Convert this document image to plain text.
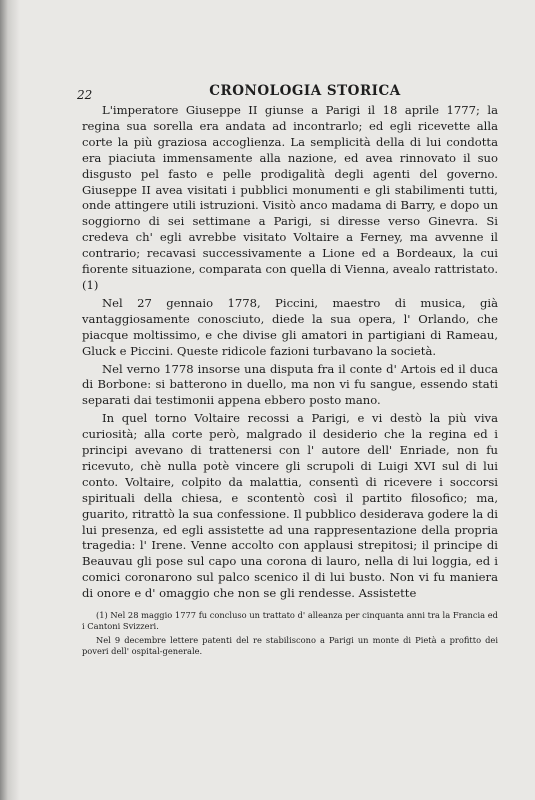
22	CRONOLOGIA STORICA

L'imperatore Giuseppe II giunse a Parigi il 18 aprile 1777; la regina sua sorella era andata ad incontrarlo; ed egli ricevette alla corte la più graziosa accoglienza. La semplicità della di lui condotta era piaciuta immensamente alla nazione, ed avea rinnovato il suo disgusto pel fasto e pelle prodigalità degli agenti del governo. Giuseppe II avea visitati i pubblici monumenti e gli stabilimenti tutti, onde attingere utili istruzioni. Visitò anco madama di Barry, e dopo un soggiorno di sei settimane a Parigi, si diresse verso Ginevra. Si credeva ch' egli avrebbe visitato Voltaire a Ferney, ma avvenne il contrario; recavasi successivamente a Lione ed a Bordeaux, la cui fiorente situazione, comparata con quella di Vienna, avealo rattristato. (1)

Nel 27 gennaio 1778, Piccini, maestro di musica, già vantaggiosamente conosciuto, diede la sua opera, l' Orlando, che piacque moltissimo, e che divise gli amatori in partigiani di Rameau, Gluck e Piccini. Queste ridicole fazioni turbavano la società.

Nel verno 1778 insorse una disputa fra il conte d' Artois ed il duca di Borbone: si batterono in duello, ma non vi fu sangue, essendo stati separati dai testimonii appena ebbero posto mano.

In quel torno Voltaire recossi a Parigi, e vi destò la più viva curiosità; alla corte però, malgrado il desiderio che la regina ed i principi avevano di trattenersi con l' autore dell' Enriade, non fu ricevuto, chè nulla potè vincere gli scrupoli di Luigi XVI sul di lui conto. Voltaire, colpito da malattia, consentì di ricevere i soccorsi spirituali della chiesa, e scontentò così il partito filosofico; ma, guarito, ritrattò la sua confessione. Il pubblico desiderava godere la di lui presenza, ed egli assistette ad una rappresentazione della propria tragedia: l' Irene. Venne accolto con applausi strepitosi; il principe di Beauvau gli pose sul capo una corona di lauro, nella di lui loggia, ed i comici coronarono sul palco scenico il di lui busto. Non vi fu maniera di onore e d' omaggio che non se gli rendesse. Assistette

(1) Nel 28 maggio 1777 fu concluso un trattato d' alleanza per cinquanta anni tra la Francia ed i Cantoni Svizzeri.

Nel 9 decembre lettere patenti del re stabiliscono a Parigi un monte di Pietà a profitto dei poveri dell' ospital-generale.
